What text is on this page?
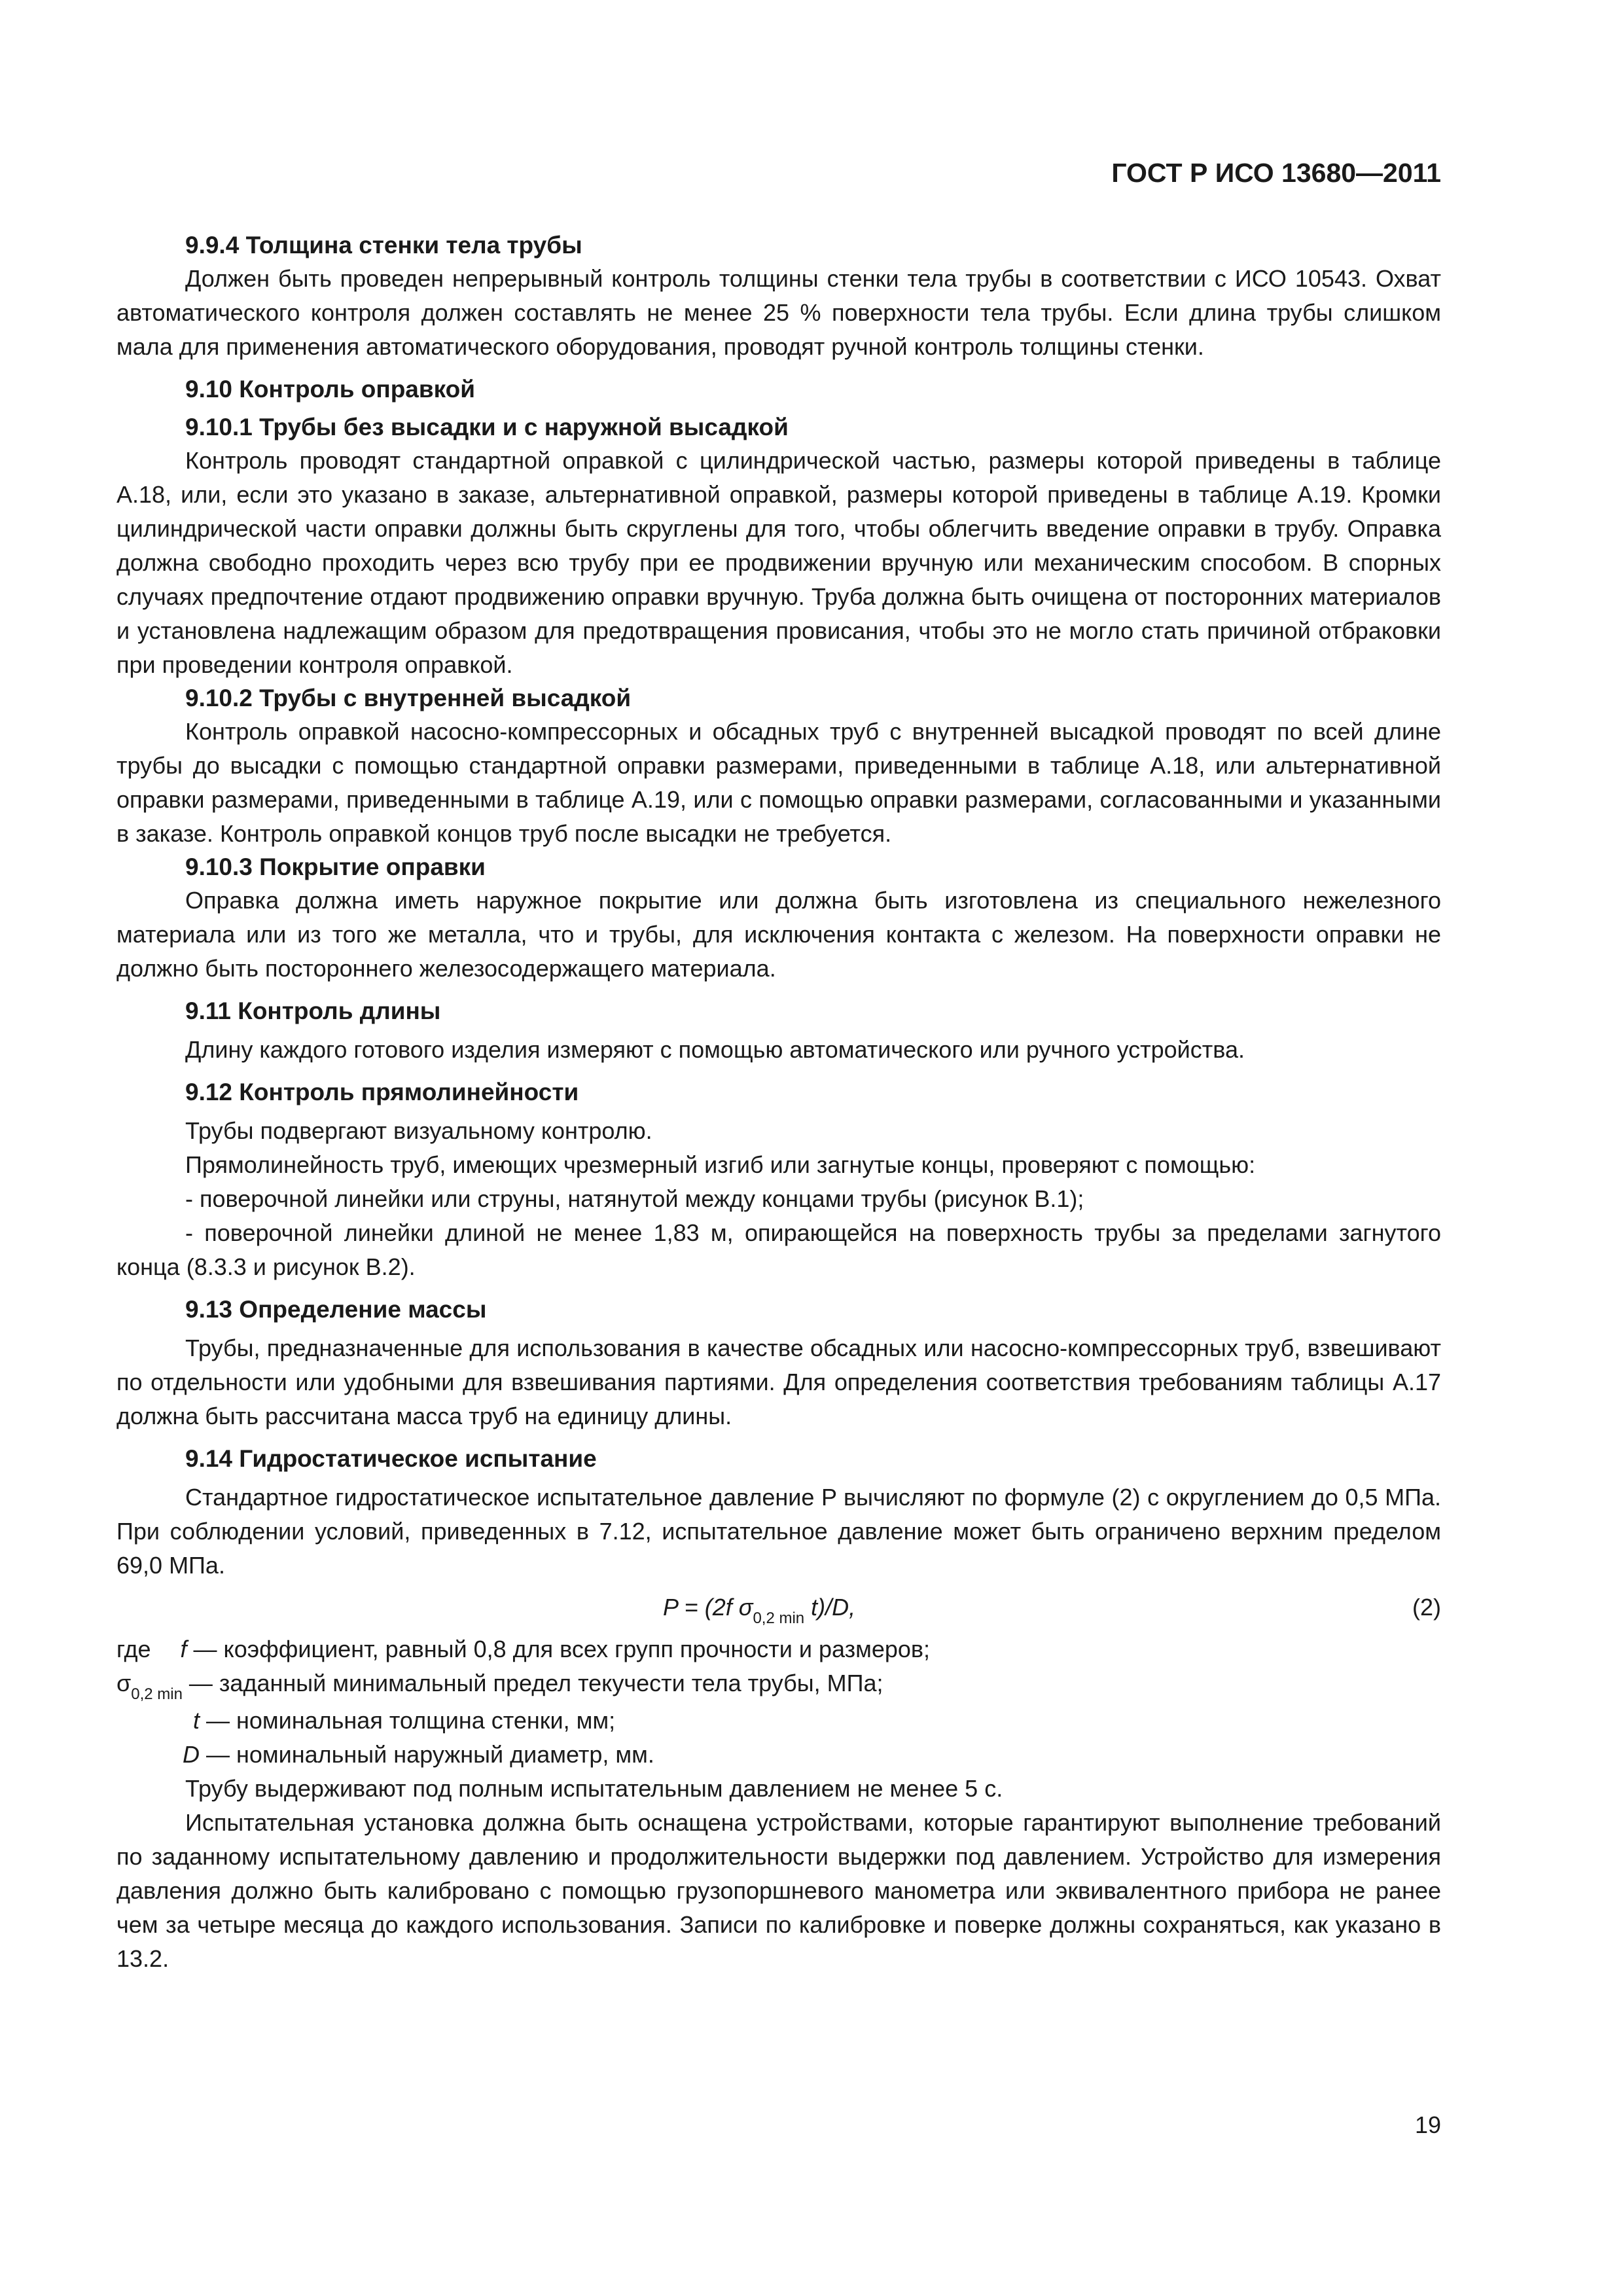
ГОСТ Р ИСО 13680—2011
9.9.4 Толщина стенки тела трубы

Должен быть проведен непрерывный контроль толщины стенки тела трубы в соответствии с ИСО 10543. Охват автоматического контроля должен составлять не менее 25 % поверхности тела трубы. Если длина трубы слишком мала для применения автоматического оборудования, проводят ручной контроль толщины стенки.

9.10 Контроль оправкой
9.10.1 Трубы без высадки и с наружной высадкой

Контроль проводят стандартной оправкой с цилиндрической частью, размеры которой приведены в таблице А.18, или, если это указано в заказе, альтернативной оправкой, размеры которой приведены в таблице А.19. Кромки цилиндрической части оправки должны быть скруглены для того, чтобы облегчить введение оправки в трубу. Оправка должна свободно проходить через всю трубу при ее продвижении вручную или механическим способом. В спорных случаях предпочтение отдают продвижению оправки вручную. Труба должна быть очищена от посторонних материалов и установлена надлежащим образом для предотвращения провисания, чтобы это не могло стать причиной отбраковки при проведении контроля оправкой.

9.10.2 Трубы с внутренней высадкой

Контроль оправкой насосно-компрессорных и обсадных труб с внутренней высадкой проводят по всей длине трубы до высадки с помощью стандартной оправки размерами, приведенными в таблице А.18, или альтернативной оправки размерами, приведенными в таблице А.19, или с помощью оправки размерами, согласованными и указанными в заказе. Контроль оправкой концов труб после высадки не требуется.

9.10.3 Покрытие оправки

Оправка должна иметь наружное покрытие или должна быть изготовлена из специального нежелезного материала или из того же металла, что и трубы, для исключения контакта с железом. На поверхности оправки не должно быть постороннего железосодержащего материала.

9.11 Контроль длины

Длину каждого готового изделия измеряют с помощью автоматического или ручного устройства.

9.12 Контроль прямолинейности

Трубы подвергают визуальному контролю.

Прямолинейность труб, имеющих чрезмерный изгиб или загнутые концы, проверяют с помощью:

- поверочной линейки или струны, натянутой между концами трубы (рисунок В.1);

- поверочной линейки длиной не менее 1,83 м, опирающейся на поверхность трубы за пределами загнутого конца (8.3.3 и рисунок В.2).

9.13 Определение массы

Трубы, предназначенные для использования в качестве обсадных или насосно-компрессорных труб, взвешивают по отдельности или удобными для взвешивания партиями. Для определения соответствия требованиям таблицы А.17 должна быть рассчитана масса труб на единицу длины.

9.14 Гидростатическое испытание

Стандартное гидростатическое испытательное давление P вычисляют по формуле (2) с округлением до 0,5 МПа. При соблюдении условий, приведенных в 7.12, испытательное давление может быть ограничено верхним пределом 69,0 МПа.

P = (2f $\sigma_{0,2 min}$ t)/D,	(2)

где f — коэффициент, равный 0,8 для всех групп прочности и размеров;

$\sigma_{0,2 min}$ — заданный минимальный предел текучести тела трубы, МПа;

t — номинальная толщина стенки, мм;

D — номинальный наружный диаметр, мм.

Трубу выдерживают под полным испытательным давлением не менее 5 с.

Испытательная установка должна быть оснащена устройствами, которые гарантируют выполнение требований по заданному испытательному давлению и продолжительности выдержки под давлением. Устройство для измерения давления должно быть калибровано с помощью грузопоршневого манометра или эквивалентного прибора не ранее чем за четыре месяца до каждого использования. Записи по калибровке и поверке должны сохраняться, как указано в 13.2.

19
